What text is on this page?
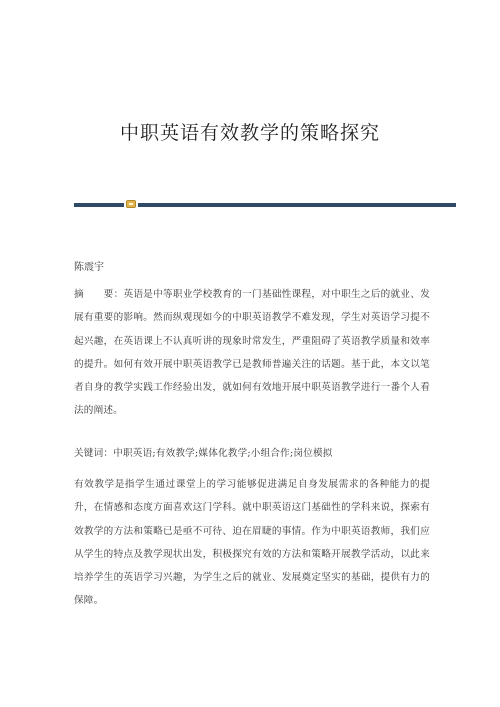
中职英语有效教学的策略探究
陈震宇
摘　　要：英语是中等职业学校教育的一门基础性课程，对中职生之后的就业、发展有重要的影响。然而纵观现如今的中职英语教学不难发现，学生对英语学习提不起兴趣，在英语课上不认真听讲的现象时常发生，严重阻碍了英语教学质量和效率的提升。如何有效开展中职英语教学已是教师普遍关注的话题。基于此，本文以笔者自身的教学实践工作经验出发，就如何有效地开展中职英语教学进行一番个人看法的阐述。
关键词：中职英语;有效教学;媒体化教学;小组合作;岗位模拟
有效教学是指学生通过课堂上的学习能够促进满足自身发展需求的各种能力的提升，在情感和态度方面喜欢这门学科。就中职英语这门基础性的学科来说，探索有效教学的方法和策略已是亟不可待、迫在眉睫的事情。作为中职英语教师，我们应从学生的特点及教学现状出发，积极探究有效的方法和策略开展教学活动，以此来培养学生的英语学习兴趣，为学生之后的就业、发展奠定坚实的基础，提供有力的保障。
